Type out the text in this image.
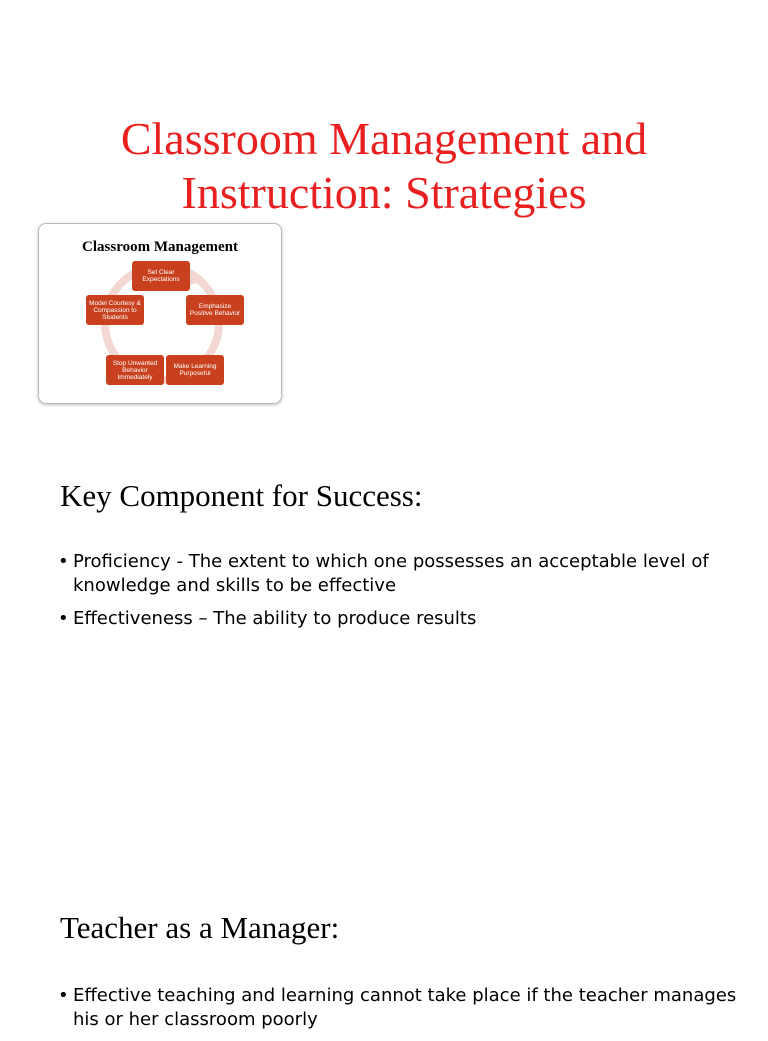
Classroom Management and
Instruction: Strategies
Classroom Management
Set Clear Expectations
Emphasize Positive Behavior
Make Learning Purposeful
Stop Unwanted Behavior Immediately
Model Courtesy & Compassion to Students
Key Component for Success:
• Proficiency - The extent to which one possesses an acceptable level of knowledge and skills to be effective
• Effectiveness – The ability to produce results
Teacher as a Manager:
• Effective teaching and learning cannot take place if the teacher manages his or her classroom poorly
